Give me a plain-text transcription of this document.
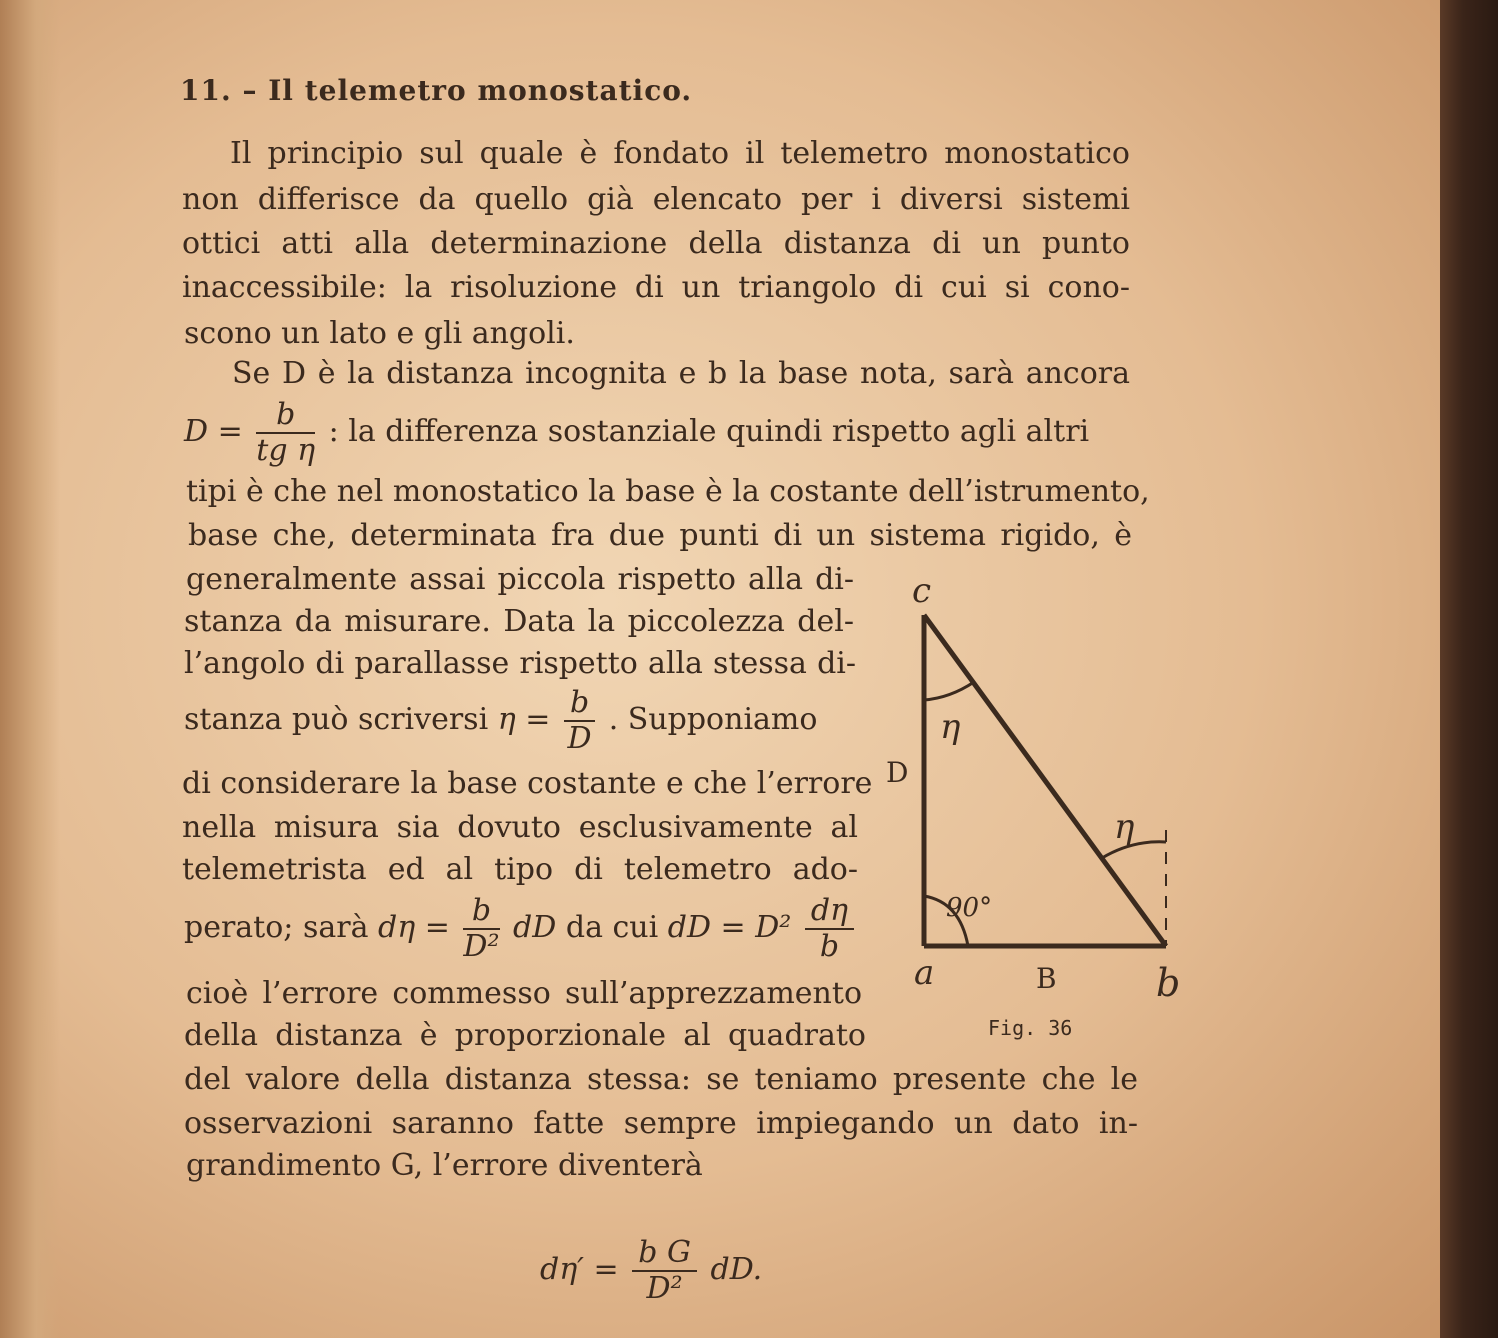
11. – Il telemetro monostatico.
Il principio sul quale è fondato il telemetro monostatico
non differisce da quello già elencato per i diversi sistemi
ottici atti alla determinazione della distanza di un punto
inaccessibile: la risoluzione di un triangolo di cui si cono-
scono un lato e gli angoli.
Se D è la distanza incognita e b la base nota, sarà ancora
$D = \frac{b}{\text{tg η}}$ : la differenza sostanziale quindi rispetto agli altri
tipi è che nel monostatico la base è la costante dell’istrumento,
base che, determinata fra due punti di un sistema rigido, è
generalmente assai piccola rispetto alla di-
stanza da misurare. Data la piccolezza del-
l’angolo di parallasse rispetto alla stessa di-
stanza può scriversi $\eta = \frac{b}{D}$ . Supponiamo
di considerare la base costante e che l’errore
nella misura sia dovuto esclusivamente al
telemetrista ed al tipo di telemetro ado-
perato; sarà $d\eta = \frac{b}{\text{D²}}$ dD da cui dD = $D^2 \frac{d\eta}{b}$
cioè l’errore commesso sull’apprezzamento
della distanza è proporzionale al quadrato
del valore della distanza stessa: se teniamo presente che le
osservazioni saranno fatte sempre impiegando un dato in-
grandimento G, l’errore diventerà
$d\eta' = \frac{\text{b G}}{\text{D²}}$ dD.
c
D
η
η
90°
a	B	b
Fig. 36
